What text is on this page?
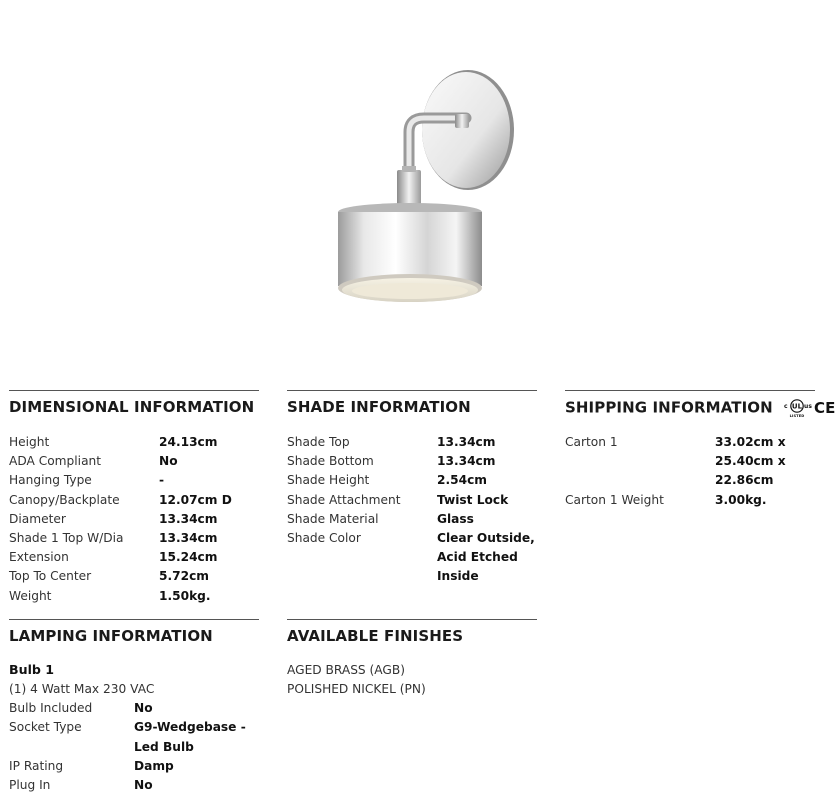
DIMENSIONAL INFORMATION
Height	24.13cm
ADA Compliant	No
Hanging Type	-
Canopy/Backplate	12.07cm D
Diameter	13.34cm
Shade 1 Top W/Dia	13.34cm
Extension	15.24cm
Top To Center	5.72cm
Weight	1.50kg.
SHADE INFORMATION
Shade Top	13.34cm
Shade Bottom	13.34cm
Shade Height	2.54cm
Shade Attachment	Twist Lock
Shade Material	Glass
Shade Color	Clear Outside, Acid Etched Inside
SHIPPING INFORMATION c UL us
LISTED CE
Carton 1	33.02cm x 25.40cm x 22.86cm
Carton 1 Weight	3.00kg.
LAMPING INFORMATION
Bulb 1
(1) 4 Watt Max 230 VAC
Bulb Included	No
Socket Type	G9-Wedgebase - Led Bulb
IP Rating	Damp
Plug In	No
AVAILABLE FINISHES
AGED BRASS (AGB)
POLISHED NICKEL (PN)
